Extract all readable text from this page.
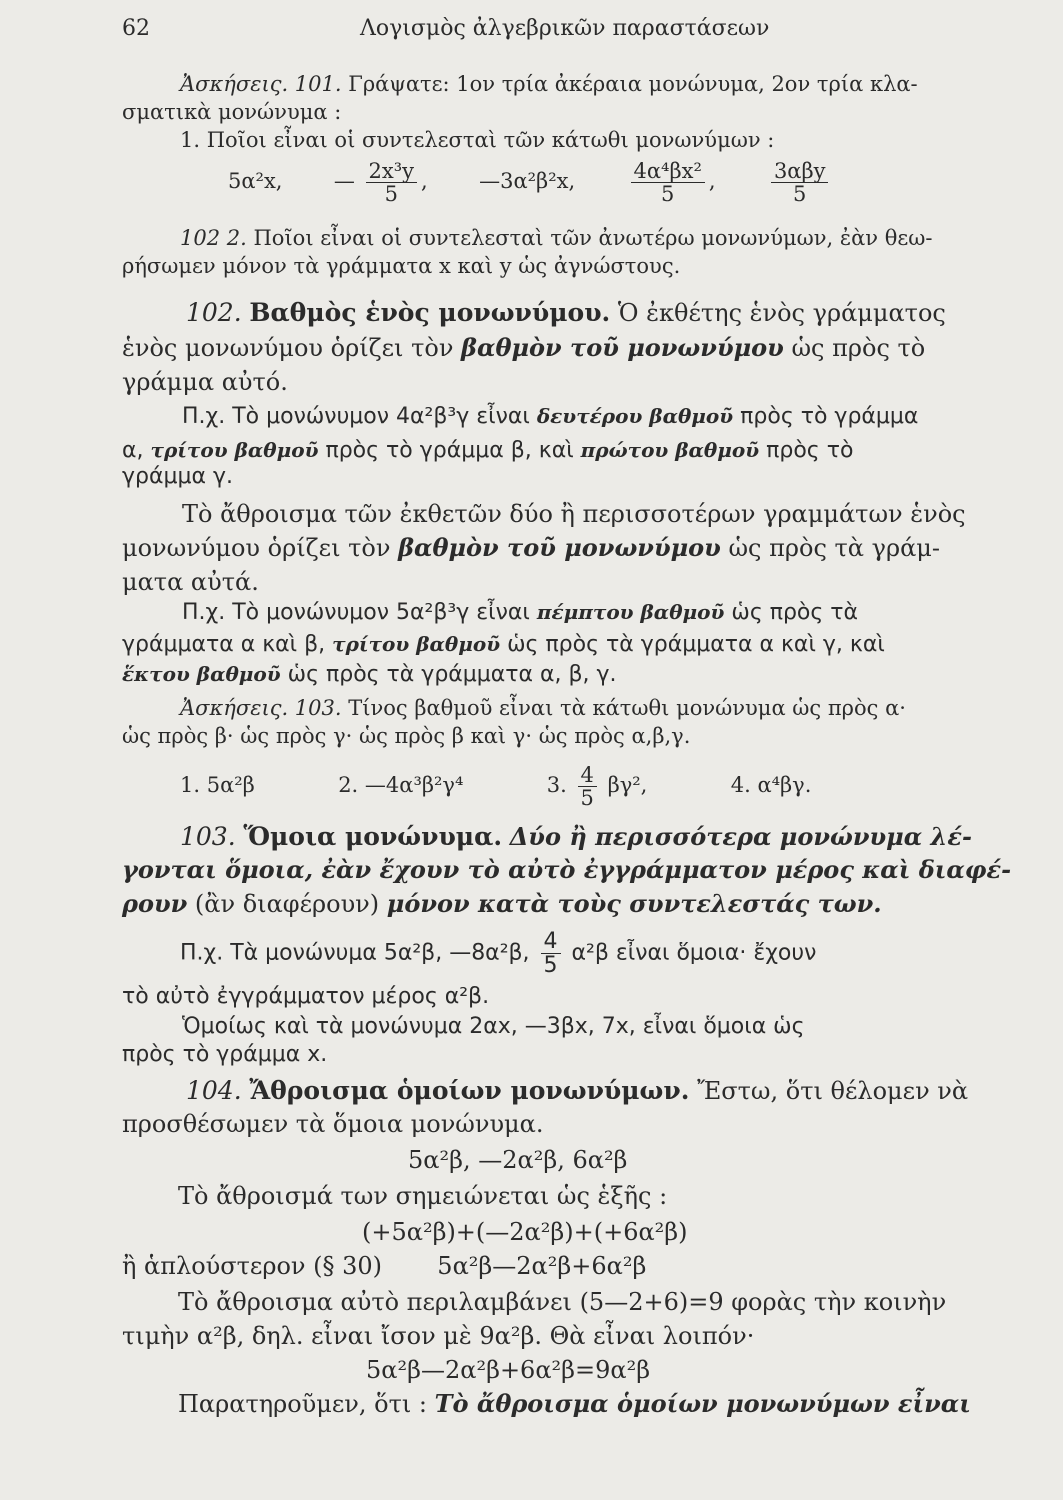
62	Λογισμὸς ἀλγεβρικῶν παραστάσεων
Ἀσκήσεις. 101. Γράψατε: 1ον τρία ἀκέραια μονώνυμα, 2ον τρία κλα-
σματικὰ μονώνυμα :
1. Ποῖοι εἶναι οἱ συντελεσταὶ τῶν κάτωθι μονωνύμων :
5α²x, — $\frac{\text{2x³y}}{5}$ ,  —3α²β²x,	$\frac{\text{4α⁴βx²}}{5}$ , $\frac{\text{3αβy}}{5}$
102 2. Ποῖοι εἶναι οἱ συντελεσταὶ τῶν ἀνωτέρω μονωνύμων, ἐὰν θεω-
ρήσωμεν μόνον τὰ γράμματα x καὶ y ὡς ἀγνώστους.
102. Βαθμὸς ἑνὸς μονωνύμου. Ὁ ἐκθέτης ἑνὸς γράμματος
ἑνὸς μονωνύμου ὁρίζει τὸν βαθμὸν τοῦ μονωνύμου ὡς πρὸς τὸ
γράμμα αὐτό.
Π.χ. Τὸ μονώνυμον 4α²β³γ εἶναι δευτέρου βαθμοῦ πρὸς τὸ γράμμα
α, τρίτου βαθμοῦ πρὸς τὸ γράμμα β, καὶ πρώτου βαθμοῦ πρὸς τὸ
γράμμα γ.
Τὸ ἄθροισμα τῶν ἐκθετῶν δύο ἢ περισσοτέρων γραμμάτων ἑνὸς
μονωνύμου ὁρίζει τὸν βαθμὸν τοῦ μονωνύμου ὡς πρὸς τὰ γράμ-
ματα αὐτά.
Π.χ. Τὸ μονώνυμον 5α²β³γ εἶναι πέμπτου βαθμοῦ ὡς πρὸς τὰ
γράμματα α καὶ β, τρίτου βαθμοῦ ὡς πρὸς τὰ γράμματα α καὶ γ, καὶ
ἕκτου βαθμοῦ ὡς πρὸς τὰ γράμματα α, β, γ.
Ἀσκήσεις. 103. Τίνος βαθμοῦ εἶναι τὰ κάτωθι μονώνυμα ὡς πρὸς α·
ὡς πρὸς β· ὡς πρὸς γ· ὡς πρὸς β καὶ γ· ὡς πρὸς α,β,γ.
1. 5α²β	2. —4α³β²γ⁴	3. $\frac{4}{5} \beta\gamma^2$,	4. α⁴βγ.
103. Ὅμοια μονώνυμα. Δύο ἢ περισσότερα μονώνυμα λέ-
γονται ὅμοια, ἐὰν ἔχουν τὸ αὐτὸ ἐγγράμματον μέρος καὶ διαφέ-
ρουν (ἂν διαφέρουν) μόνον κατὰ τοὺς συντελεστάς των.
Π.χ. Τὰ μονώνυμα 5α²β, —8α²β, $\frac{4}{5} \alpha^2\beta$ εἶναι ὅμοια· ἔχουν
τὸ αὐτὸ ἐγγράμματον μέρος α²β.
Ὁμοίως καὶ τὰ μονώνυμα 2αx, —3βx, 7x, εἶναι ὅμοια ὡς
πρὸς τὸ γράμμα x.
104. Ἄθροισμα ὁμοίων μονωνύμων. Ἔστω, ὅτι θέλομεν νὰ
προσθέσωμεν τὰ ὅμοια μονώνυμα.
5α²β, —2α²β, 6α²β
Τὸ ἄθροισμά των σημειώνεται ὡς ἑξῆς :
(+5α²β)+(—2α²β)+(+6α²β)
ἢ ἁπλούστερον (§ 30) 5α²β—2α²β+6α²β
Τὸ ἄθροισμα αὐτὸ περιλαμβάνει (5—2+6)=9 φορὰς τὴν κοινὴν
τιμὴν α²β, δηλ. εἶναι ἴσον μὲ 9α²β. Θὰ εἶναι λοιπόν·
5α²β—2α²β+6α²β=9α²β
Παρατηροῦμεν, ὅτι : Τὸ ἄθροισμα ὁμοίων μονωνύμων εἶναι
